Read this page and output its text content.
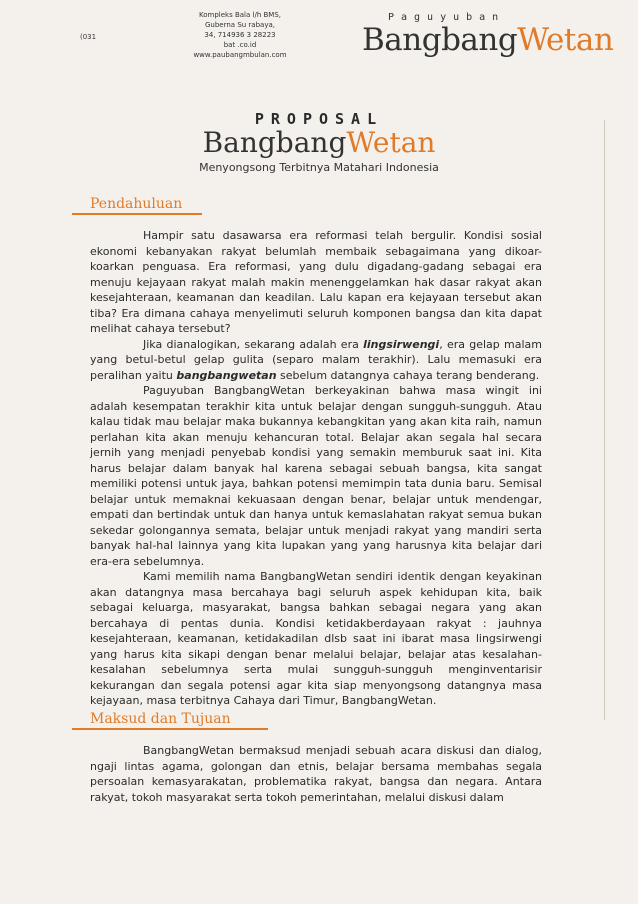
Kompleks Bala l/h BMS,
Guberna Su rabaya,
34, 714936 3 28223
bat .co.id
www.paubangmbulan.com
(031
Paguyuban
BangbangWetan
PROPOSAL
BangbangWetan
Menyongsong Terbitnya Matahari Indonesia
Pendahuluan

Hampir satu dasawarsa era reformasi telah bergulir. Kondisi sosial ekonomi kebanyakan rakyat belumlah membaik sebagaimana yang dikoar-koarkan penguasa. Era reformasi, yang dulu digadang-gadang sebagai era menuju kejayaan rakyat malah makin menenggelamkan hak dasar rakyat akan kesejahteraan, keamanan dan keadilan. Lalu kapan era kejayaan tersebut akan tiba? Era dimana cahaya menyelimuti seluruh komponen bangsa dan kita dapat melihat cahaya tersebut?

Jika dianalogikan, sekarang adalah era lingsirwengi, era gelap malam yang betul-betul gelap gulita (separo malam terakhir). Lalu memasuki era peralihan yaitu bangbangwetan sebelum datangnya cahaya terang benderang.

Paguyuban BangbangWetan berkeyakinan bahwa masa wingit ini adalah kesempatan terakhir kita untuk belajar dengan sungguh-sungguh. Atau kalau tidak mau belajar maka bukannya kebangkitan yang akan kita raih, namun perlahan kita akan menuju kehancuran total. Belajar akan segala hal secara jernih yang menjadi penyebab kondisi yang semakin memburuk saat ini. Kita harus belajar dalam banyak hal karena sebagai sebuah bangsa, kita sangat memiliki potensi untuk jaya, bahkan potensi memimpin tata dunia baru. Semisal belajar untuk memaknai kekuasaan dengan benar, belajar untuk mendengar, empati dan bertindak untuk dan hanya untuk kemaslahatan rakyat semua bukan sekedar golongannya semata, belajar untuk menjadi rakyat yang mandiri serta banyak hal-hal lainnya yang kita lupakan yang yang harusnya kita belajar dari era-era sebelumnya.

Kami memilih nama BangbangWetan sendiri identik dengan keyakinan akan datangnya masa bercahaya bagi seluruh aspek kehidupan kita, baik sebagai keluarga, masyarakat, bangsa bahkan sebagai negara yang akan bercahaya di pentas dunia. Kondisi ketidakberdayaan rakyat : jauhnya kesejahteraan, keamanan, ketidakadilan dlsb saat ini ibarat masa lingsirwengi yang harus kita sikapi dengan benar melalui belajar, belajar atas kesalahan-kesalahan sebelumnya serta mulai sungguh-sungguh menginventarisir kekurangan dan segala potensi agar kita siap menyongsong datangnya masa kejayaan, masa terbitnya Cahaya dari Timur, BangbangWetan.

Maksud dan Tujuan

BangbangWetan bermaksud menjadi sebuah acara diskusi dan dialog, ngaji lintas agama, golongan dan etnis, belajar bersama membahas segala persoalan kemasyarakatan, problematika rakyat, bangsa dan negara. Antara rakyat, tokoh masyarakat serta tokoh pemerintahan, melalui diskusi dalam
